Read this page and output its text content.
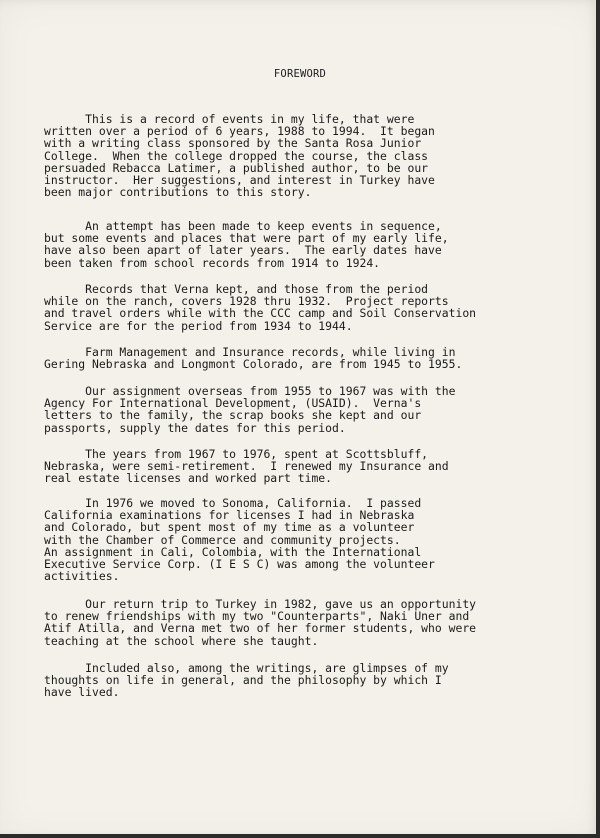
FOREWORD
This is a record of events in my life, that were
written over a period of 6 years, 1988 to 1994.  It began
with a writing class sponsored by the Santa Rosa Junior
College.  When the college dropped the course, the class
persuaded Rebacca Latimer, a published author, to be our
instructor.  Her suggestions, and interest in Turkey have
been major contributions to this story.
An attempt has been made to keep events in sequence,
but some events and places that were part of my early life,
have also been apart of later years.  The early dates have
been taken from school records from 1914 to 1924.
Records that Verna kept, and those from the period
while on the ranch, covers 1928 thru 1932.  Project reports
and travel orders while with the CCC camp and Soil Conservation
Service are for the period from 1934 to 1944.
Farm Management and Insurance records, while living in
Gering Nebraska and Longmont Colorado, are from 1945 to 1955.
Our assignment overseas from 1955 to 1967 was with the
Agency For International Development, (USAID).  Verna's
letters to the family, the scrap books she kept and our
passports, supply the dates for this period.
The years from 1967 to 1976, spent at Scottsbluff,
Nebraska, were semi-retirement.  I renewed my Insurance and
real estate licenses and worked part time.
In 1976 we moved to Sonoma, California.  I passed
California examinations for licenses I had in Nebraska
and Colorado, but spent most of my time as a volunteer
with the Chamber of Commerce and community projects.
An assignment in Cali, Colombia, with the International
Executive Service Corp. (I E S C) was among the volunteer
activities.
Our return trip to Turkey in 1982, gave us an opportunity
to renew friendships with my two "Counterparts", Naki Uner and
Atif Atilla, and Verna met two of her former students, who were
teaching at the school where she taught.
Included also, among the writings, are glimpses of my
thoughts on life in general, and the philosophy by which I
have lived.
